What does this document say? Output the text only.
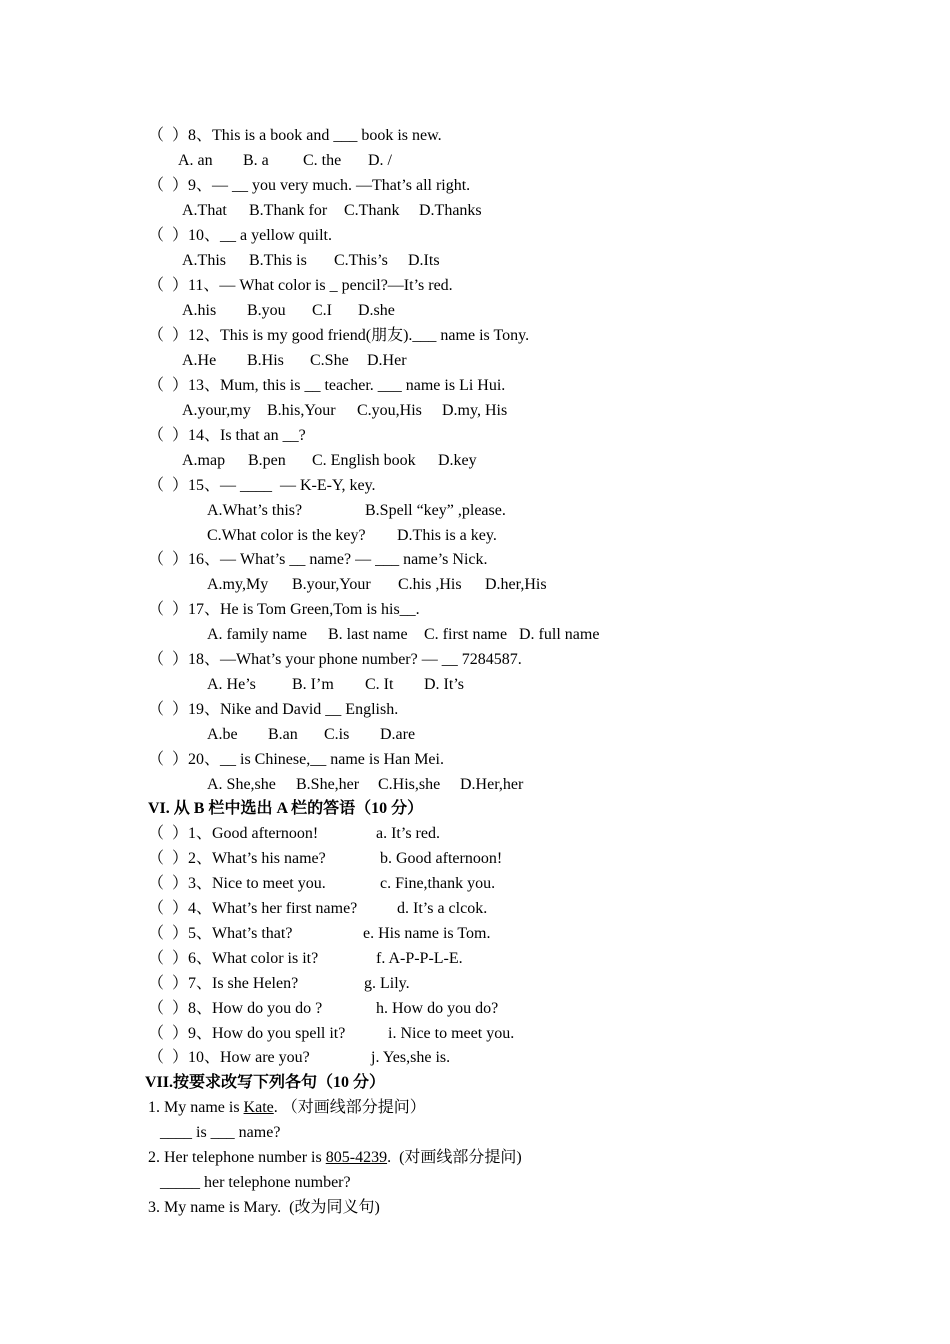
（  ）8、This is a book and ___ book is new.

A. an

B. a

C. the

D. /

（  ）9、— __ you very much. —That’s all right.

A.That

B.Thank for

C.Thank

D.Thanks

（  ）10、__ a yellow quilt.

A.This

B.This is

C.This’s

D.Its

（  ）11、— What color is _ pencil?—It’s red.

A.his

B.you

C.I

D.she

（  ）12、This is my good friend(朋友).___ name is Tony.

A.He

B.His

C.She

D.Her

（  ）13、Mum, this is __ teacher. ___ name is Li Hui.

A.your,my

B.his,Your

C.you,His

D.my, His

（  ）14、Is that an __?

A.map

B.pen

C. English book

D.key

（  ）15、— ____  — K-E-Y, key.

A.What’s this?

	B.Spell “key” ,please.

C.What color is the key?

D.This is a key.

（  ）16、— What’s __ name? — ___ name’s Nick.

A.my,My

B.your,Your

C.his ,His

D.her,His

（  ）17、He is Tom Green,Tom is his__.

A. family name

B. last name

C. first name

D. full name

（  ）18、—What’s your phone number? — __ 7284587.

A. He’s

B. I’m

C. It

D. It’s

（  ）19、Nike and David __ English.

A.be

B.an

C.is

D.are

（  ）20、__ is Chinese,__ name is Han Mei.

A. She,she

B.She,her

C.His,she

D.Her,her

VI. 从 B 栏中选出 A 栏的答语（10 分）
（  ）1、Good afternoon!	a. It’s red.
（  ）2、What’s his name?	b. Good afternoon!
（  ）3、Nice to meet you.	c. Fine,thank you.
（  ）4、What’s her first name? d. It’s a clcok.
（  ）5、What’s that?	e. His name is Tom.
（  ）6、What color is it?	f. A-P-P-L-E.
（  ）7、Is she Helen?	g. Lily.
（  ）8、How do you do ?	h. How do you do?
（  ）9、How do you spell it?	i. Nice to meet you.
（  ）10、How are you?	j. Yes,she is.
VII.按要求改写下列各句（10 分）
1. My name is Kate. （对画线部分提问）
____ is ___ name?
2. Her telephone number is 805-4239.  (对画线部分提问)
_____ her telephone number?
3. My name is Mary.  (改为同义句)
